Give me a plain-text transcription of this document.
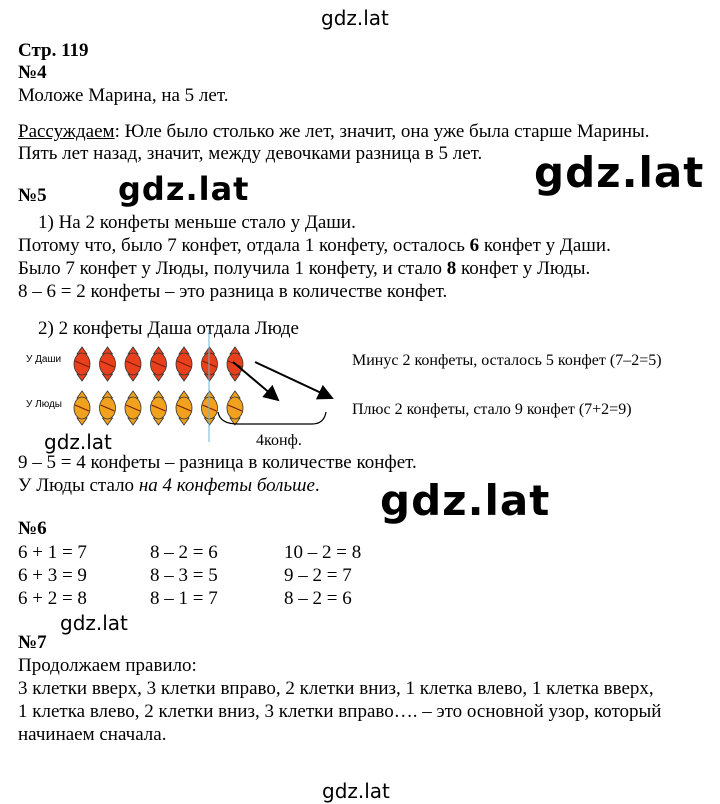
gdz.lat
gdz.lat
gdz.lat
gdz.lat
gdz.lat
gdz.lat
gdz.lat
Стр. 119
№4
Моложе Марина, на 5 лет.
Рассуждаем: Юле было столько же лет, значит, она уже была старше Марины.
Пять лет назад, значит, между девочками разница в 5 лет.
№5
1) На 2 конфеты меньше стало у Даши.
Потому что, было 7 конфет, отдала 1 конфету, осталось 6 конфет у Даши.
Было 7 конфет у Люды, получила 1 конфету, и стало 8 конфет у Люды.
8 – 6 = 2 конфеты – это разница в количестве конфет.
2) 2 конфеты Даша отдала Люде
У Даши
У Люды
Минус 2 конфеты, осталось 5 конфет (7–2=5)
Плюс 2 конфеты, стало 9 конфет (7+2=9)
4конф.
9 – 5 = 4 конфеты – разница в количестве конфет.
У Люды стало на 4 конфеты больше.
№6
6 + 1 = 7	8 – 2 = 6	10 – 2 = 8
6 + 3 = 9	8 – 3 = 5	9 – 2 = 7
6 + 2 = 8	8 – 1 = 7	8 – 2 = 6
№7
Продолжаем правило:
3 клетки вверх, 3 клетки вправо, 2 клетки вниз, 1 клетка влево, 1 клетка вверх,
1 клетка влево, 2 клетки вниз, 3 клетки вправо…. – это основной узор, который
начинаем сначала.
